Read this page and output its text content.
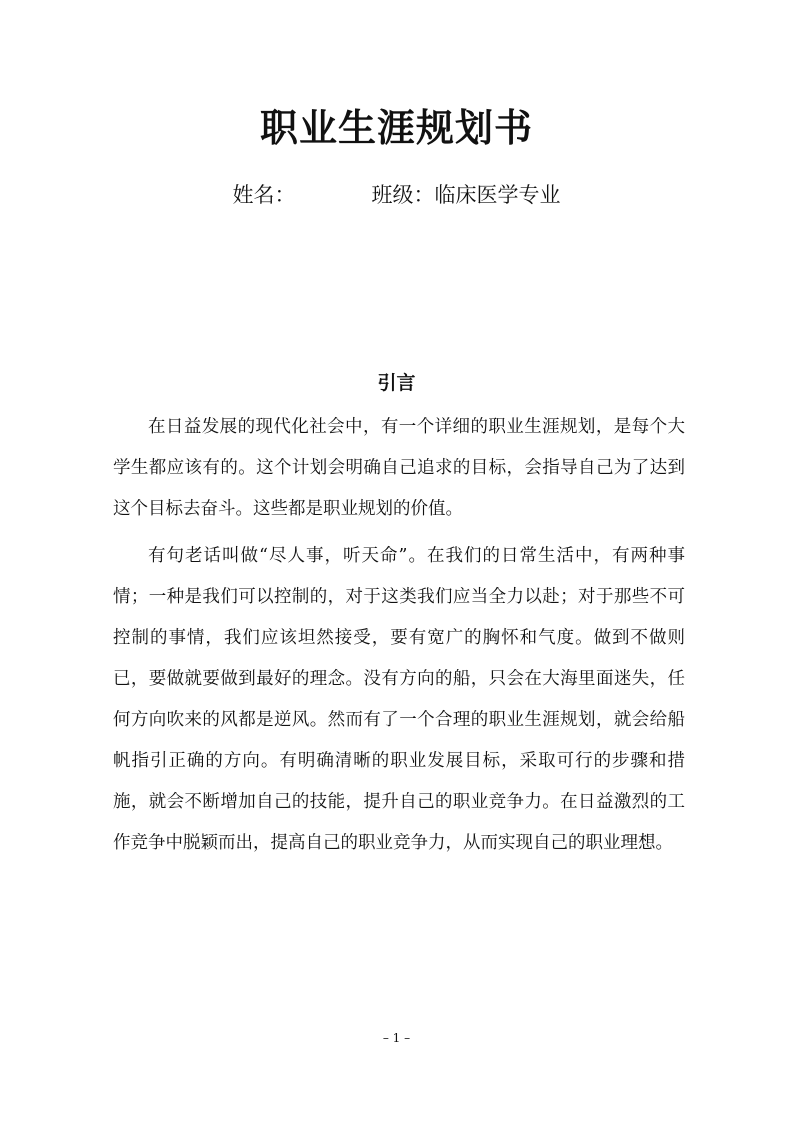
职业生涯规划书
姓名：	班级：临床医学专业
引言

在日益发展的现代化社会中，有一个详细的职业生涯规划，是每个大学生都应该有的。这个计划会明确自己追求的目标，会指导自己为了达到这个目标去奋斗。这些都是职业规划的价值。

有句老话叫做“尽人事，听天命”。在我们的日常生活中，有两种事情；一种是我们可以控制的，对于这类我们应当全力以赴；对于那些不可控制的事情，我们应该坦然接受，要有宽广的胸怀和气度。做到不做则已，要做就要做到最好的理念。没有方向的船，只会在大海里面迷失，任何方向吹来的风都是逆风。然而有了一个合理的职业生涯规划，就会给船帆指引正确的方向。有明确清晰的职业发展目标，采取可行的步骤和措施，就会不断增加自己的技能，提升自己的职业竞争力。在日益激烈的工作竞争中脱颖而出，提高自己的职业竞争力，从而实现自己的职业理想。

– 1 –
